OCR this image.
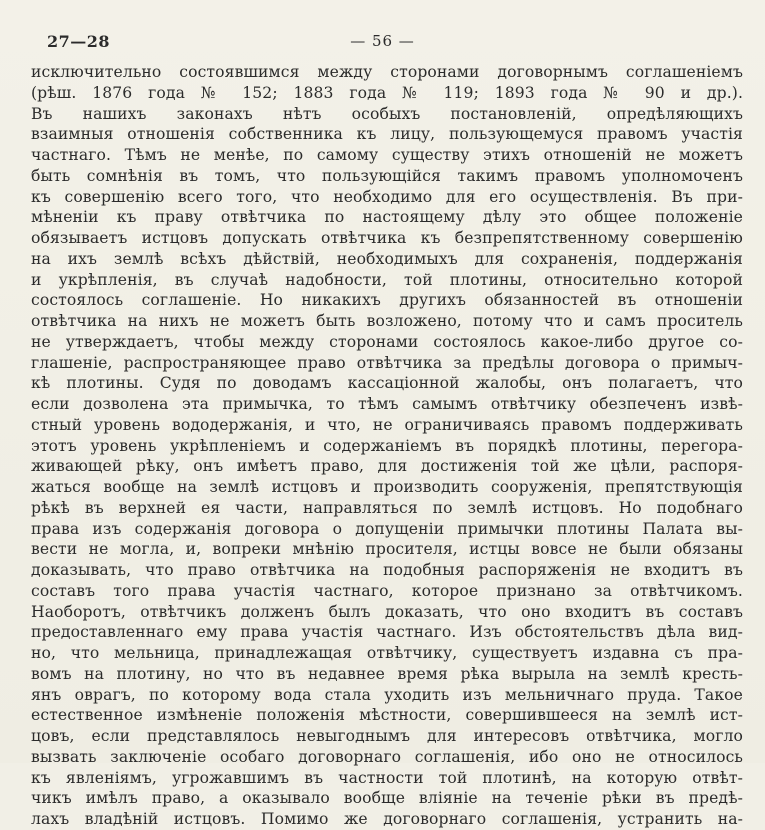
27—28	— 56 —
исключительно состоявшимся между сторонами договорнымъ соглашеніемъ
(рѣш. 1876 года № 152; 1883 года № 119; 1893 года № 90 и др.).
Въ нашихъ законахъ нѣтъ особыхъ постановленій, опредѣляющихъ
взаимныя отношенія собственника къ лицу, пользующемуся правомъ участія
частнаго. Тѣмъ не менѣе, по самому существу этихъ отношеній не можетъ
быть сомнѣнія въ томъ, что пользующійся такимъ правомъ уполномоченъ
къ совершенію всего того, что необходимо для его осуществленія. Въ при-
мѣненіи къ праву отвѣтчика по настоящему дѣлу это общее положеніе
обязываетъ истцовъ допускать отвѣтчика къ безпрепятственному совершенію
на ихъ землѣ всѣхъ дѣйствій, необходимыхъ для сохраненія, поддержанія
и укрѣпленія, въ случаѣ надобности, той плотины, относительно которой
состоялось соглашеніе. Но никакихъ другихъ обязанностей въ отношеніи
отвѣтчика на нихъ не можетъ быть возложено, потому что и самъ проситель
не утверждаетъ, чтобы между сторонами состоялось какое-либо другое со-
глашеніе, распространяющее право отвѣтчика за предѣлы договора о примыч-
кѣ плотины. Судя по доводамъ кассаціонной жалобы, онъ полагаетъ, что
если дозволена эта примычка, то тѣмъ самымъ отвѣтчику обезпеченъ извѣ-
стный уровень вододержанія, и что, не ограничиваясь правомъ поддерживать
этотъ уровень укрѣпленіемъ и содержаніемъ въ порядкѣ плотины, перегора-
живающей рѣку, онъ имѣетъ право, для достиженія той же цѣли, распоря-
жаться вообще на землѣ истцовъ и производить сооруженія, препятствующія
рѣкѣ въ верхней ея части, направляться по землѣ истцовъ. Но подобнаго
права изъ содержанія договора о допущеніи примычки плотины Палата вы-
вести не могла, и, вопреки мнѣнію просителя, истцы вовсе не были обязаны
доказывать, что право отвѣтчика на подобныя распоряженія не входитъ въ
составъ того права участія частнаго, которое признано за отвѣтчикомъ.
Наоборотъ, отвѣтчикъ долженъ былъ доказать, что оно входитъ въ составъ
предоставленнаго ему права участія частнаго. Изъ обстоятельствъ дѣла вид-
но, что мельница, принадлежащая отвѣтчику, существуетъ издавна съ пра-
вомъ на плотину, но что въ недавнее время рѣка вырыла на землѣ кресть-
янъ оврагъ, по которому вода стала уходить изъ мельничнаго пруда. Такое
естественное измѣненіе положенія мѣстности, совершившееся на землѣ ист-
цовъ, если представлялось невыгоднымъ для интересовъ отвѣтчика, могло
вызвать заключеніе особаго договорнаго соглашенія, ибо оно не относилось
къ явленіямъ, угрожавшимъ въ частности той плотинѣ, на которую отвѣт-
чикъ имѣлъ право, а оказывало вообще вліяніе на теченіе рѣки въ предѣ-
лахъ владѣній истцовъ. Помимо же договорнаго соглашенія, устранить на-
